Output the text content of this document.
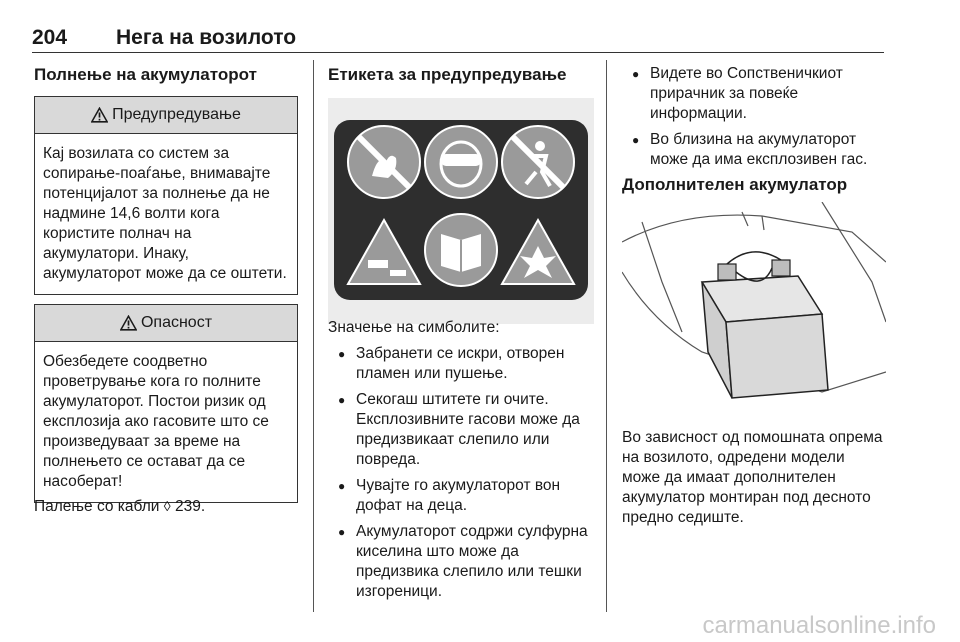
204 Нега на возилото
Полнење на акумулаторот
Предупредување

Кај возилата со систем за сопирање-поаѓање, внимавајте потенцијалот за полнење да не надмине 14,6 волти кога користите полнач на акумулатори. Инаку, акумулаторот може да се оштети.

Опасност

Обезбедете соодветно проветрување кога го полните акумулаторот. Постои ризик од експлозија ако гасовите што се произведуваат за време на полнењето се остават да се насоберат!

Палење со кабли ◊ 239.

Етикета за предупредување

Значење на симболите:

● Забранети се искри, отворен пламен или пушење.
● Секогаш штитете ги очите. Експлозивните гасови може да предизвикаат слепило или повреда.
● Чувајте го акумулаторот вон дофат на деца.
● Акумулаторот содржи сулфурна киселина што може да предизвика слепило или тешки изгореници.
● Видете во Сопственичкиот прирачник за повеќе информации.
● Во близина на акумулаторот може да има експлозивен гас.
Дополнителен акумулатор

Во зависност од помошната опрема на возилото, одредени модели може да имаат дополнителен акумулатор монтиран под десното предно седиште.

carmanualsonline.info
